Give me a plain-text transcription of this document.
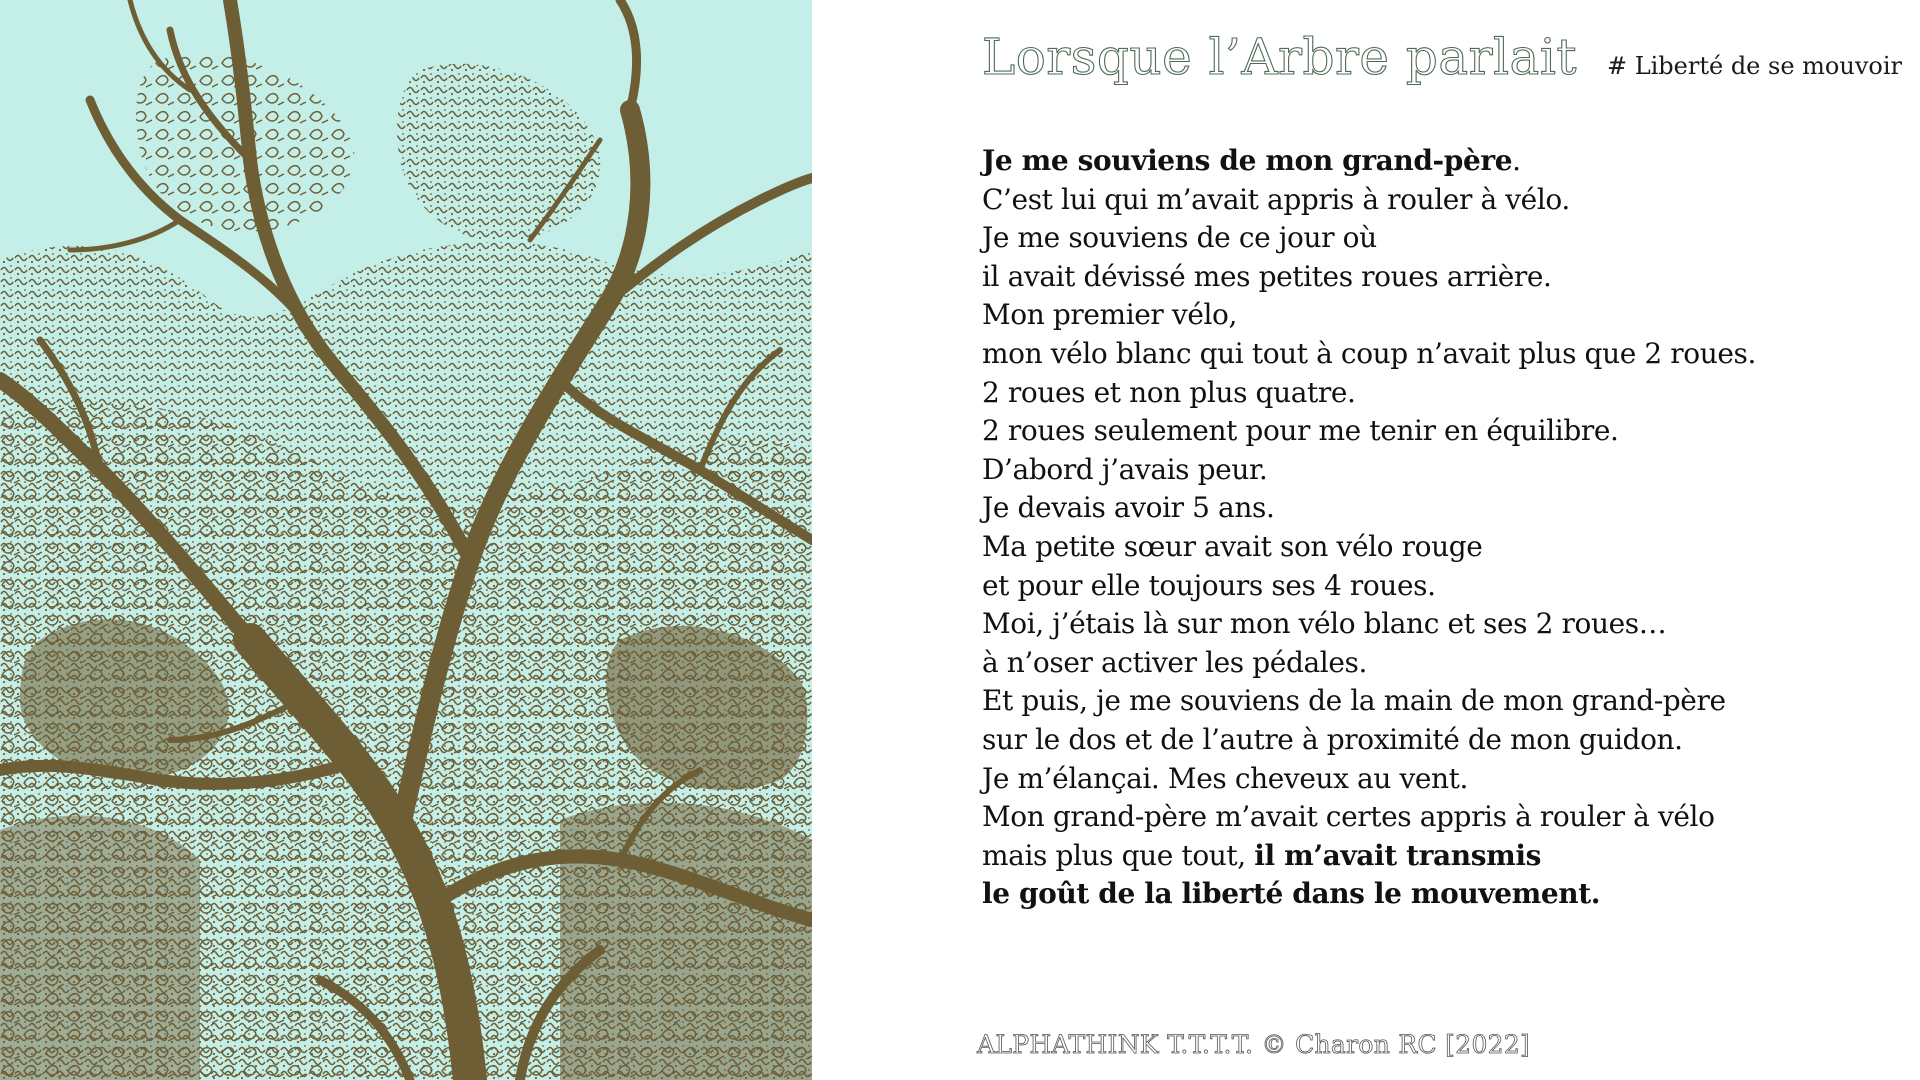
Lorsque l’Arbre parlait # Liberté de se mouvoir
Je me souviens de mon grand-père.
C’est lui qui m’avait appris à rouler à vélo.
Je me souviens de ce jour où
il avait dévissé mes petites roues arrière.
Mon premier vélo,
mon vélo blanc qui tout à coup n’avait plus que 2 roues.
2 roues et non plus quatre.
2 roues seulement pour me tenir en équilibre.
D’abord j’avais peur.
Je devais avoir 5 ans.
Ma petite sœur avait son vélo rouge
et pour elle toujours ses 4 roues.
Moi, j’étais là sur mon vélo blanc et ses 2 roues…
à n’oser activer les pédales.
Et puis, je me souviens de la main de mon grand-père
sur le dos et de l’autre à proximité de mon guidon.
Je m’élançai. Mes cheveux au vent.
Mon grand-père m’avait certes appris à rouler à vélo
mais plus que tout, il m’avait transmis
le goût de la liberté dans le mouvement.
ALPHATHINK T.T.T.T. © Charon RC [2022]
